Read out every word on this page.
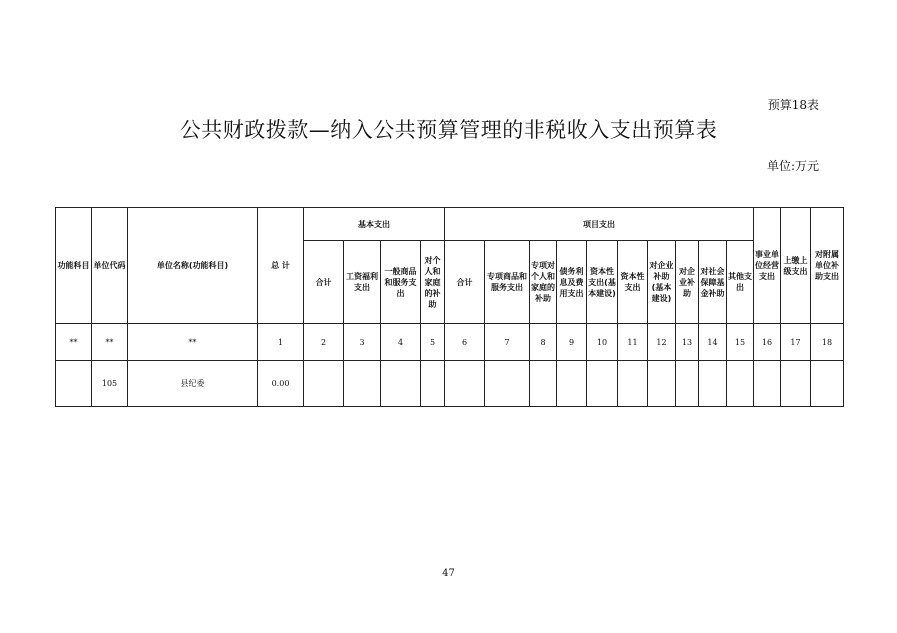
预算18表
公共财政拨款—纳入公共预算管理的非税收入支出预算表
单位:万元
功能科目	单位代码	单位名称(功能科目)	总 计	基本支出				项目支出										事业单位经营支出	上缴上级支出	对附属单位补助支出
				合计	工资福利支出	一般商品和服务支出	对个人和家庭的补助	合计	专项商品和服务支出	专项对个人和家庭的补助	债务利息及费用支出	资本性支出(基本建设)	资本性支出	对企业补助(基本建设)	对企业补助	对社会保障基金补助	其他支出			
**	**	**	1	2	3	4	5	6	7	8	9	10	11	12	13	14	15	16	17	18
	105	县纪委	0.00																	
47
